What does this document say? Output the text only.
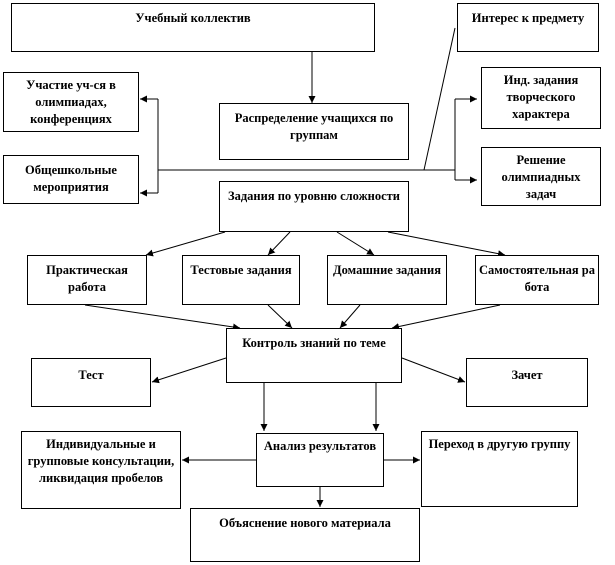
Учебный коллектив	Интерес к предмету
Участие уч-ся в олимпиадах, конференциях	Распределение учащихся по группам
Инд. задания творческого характера
Общешкольные мероприятия
Решение олимпиадных задач
Задания по уровню сложности
Практическая работа
Тестовые задания	Домашние задания	Самостоятельная работа
Контроль знаний по теме
Тест	Зачет
Индивидуальные и групповые консультации, ликвидация пробелов
Анализ результатов	Переход в другую группу
Объяснение нового материала
